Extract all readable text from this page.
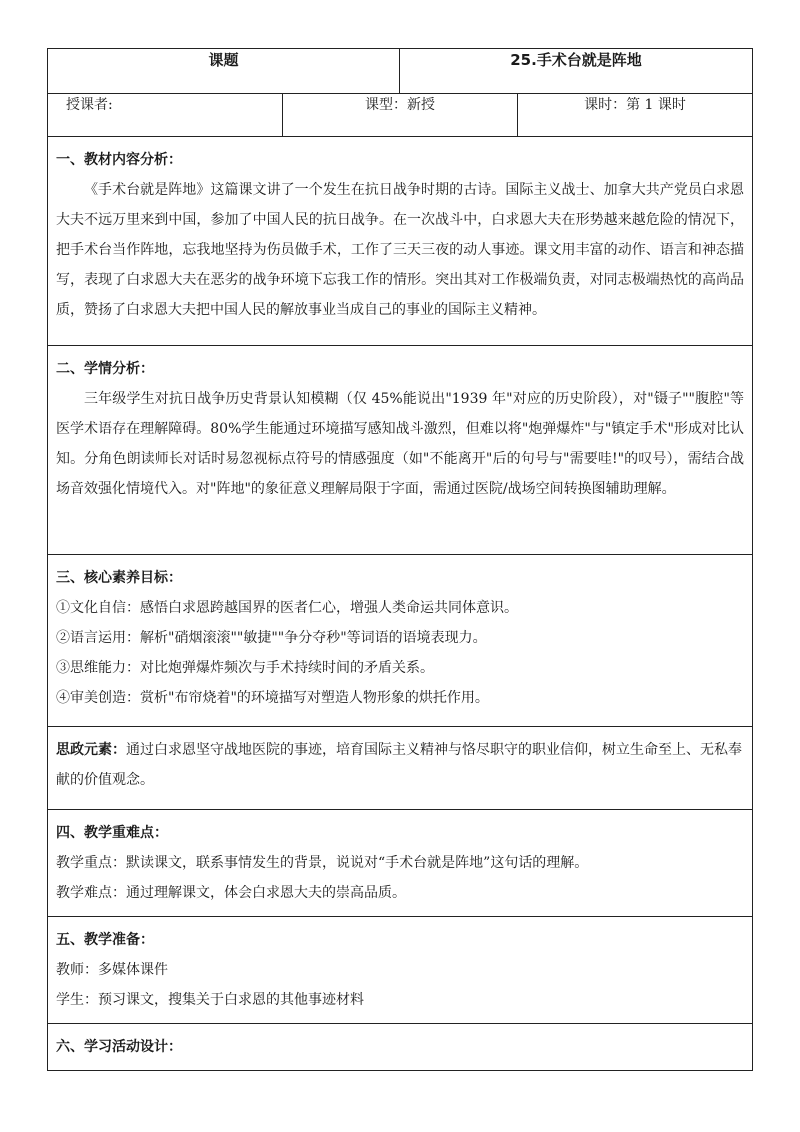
课题		25.手术台就是阵地	
授课者:	课型：新授		课时：第 1 课时

一、教材内容分析：

《手术台就是阵地》这篇课文讲了一个发生在抗日战争时期的古诗。国际主义战士、加拿大共产党员白求恩大夫不远万里来到中国，参加了中国人民的抗日战争。在一次战斗中，白求恩大夫在形势越来越危险的情况下，把手术台当作阵地，忘我地坚持为伤员做手术，工作了三天三夜的动人事迹。课文用丰富的动作、语言和神态描写，表现了白求恩大夫在恶劣的战争环境下忘我工作的情形。突出其对工作极端负责，对同志极端热忱的高尚品质，赞扬了白求恩大夫把中国人民的解放事业当成自己的事业的国际主义精神。			

二、学情分析：

三年级学生对抗日战争历史背景认知模糊（仅 45%能说出"1939 年"对应的历史阶段），对"镊子""腹腔"等医学术语存在理解障碍。80%学生能通过环境描写感知战斗激烈，但难以将"炮弹爆炸"与"镇定手术"形成对比认知。分角色朗读师长对话时易忽视标点符号的情感强度（如"不能离开"后的句号与"需要哇!"的叹号），需结合战场音效强化情境代入。对"阵地"的象征意义理解局限于字面，需通过医院/战场空间转换图辅助理解。			

三、核心素养目标：

①文化自信：感悟白求恩跨越国界的医者仁心，增强人类命运共同体意识。

②语言运用：解析"硝烟滚滚""敏捷""争分夺秒"等词语的语境表现力。

③思维能力：对比炮弹爆炸频次与手术持续时间的矛盾关系。

④审美创造：赏析"布帘烧着"的环境描写对塑造人物形象的烘托作用。			

思政元素：通过白求恩坚守战地医院的事迹，培育国际主义精神与恪尽职守的职业信仰，树立生命至上、无私奉献的价值观念。			

四、教学重难点：

教学重点：默读课文，联系事情发生的背景，说说对“手术台就是阵地”这句话的理解。

教学难点：通过理解课文，体会白求恩大夫的崇高品质。			

五、教学准备：

教师：多媒体课件

学生：预习课文，搜集关于白求恩的其他事迹材料			

六、学习活动设计：			
